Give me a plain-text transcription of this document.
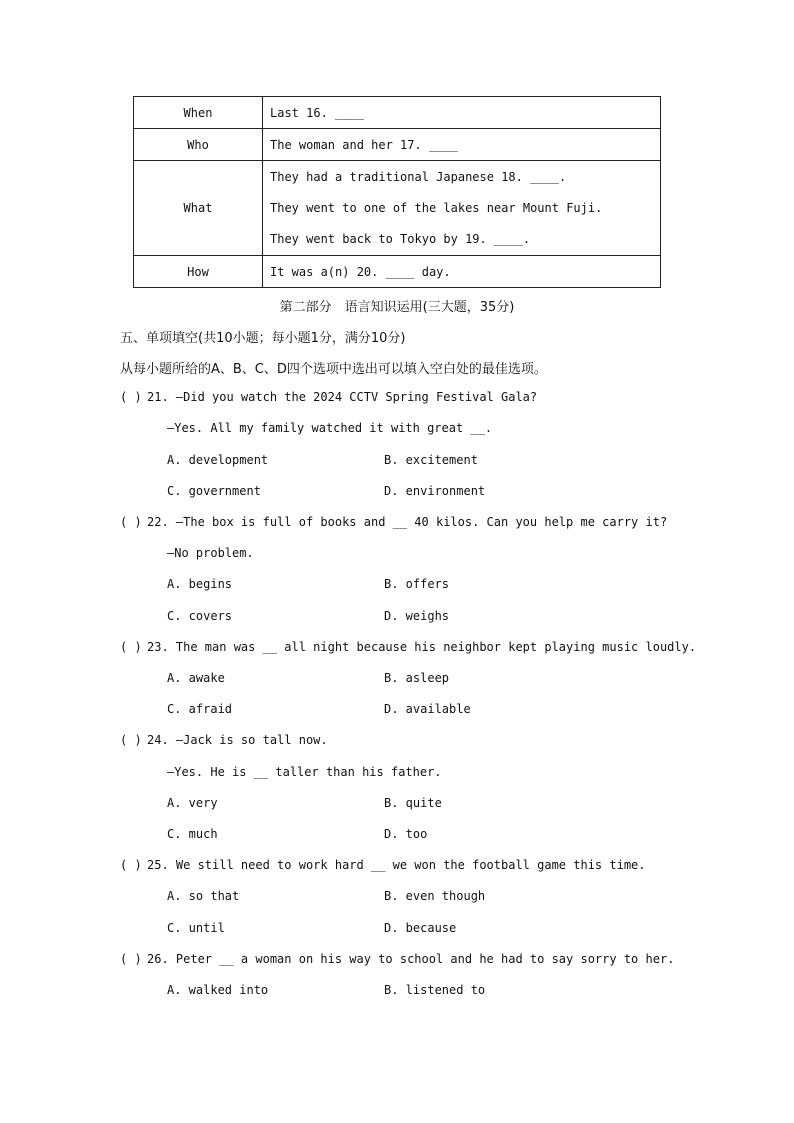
When	Last 16. ____
Who	The woman and her 17. ____
What	They had a traditional Japanese 18. ____.
They went to one of the lakes near Mount Fuji.
They went back to Tokyo by 19. ____.

How	It was a(n) 20. ____ day.
第二部分　语言知识运用(三大题，35分)
五、单项填空(共10小题；每小题1分，满分10分)
从每小题所给的A、B、C、D四个选项中选出可以填入空白处的最佳选项。
( ) 21. —Did you watch the 2024 CCTV Spring Festival Gala?
—Yes. All my family watched it with great __.
A. development	B. excitement
C. government	D. environment
( ) 22. —The box is full of books and __ 40 kilos. Can you help me carry it?
—No problem.
A. begins	B. offers
C. covers	D. weighs
( ) 23. The man was __ all night because his neighbor kept playing music loudly.
A. awake	B. asleep
C. afraid	D. available
( ) 24. —Jack is so tall now.
—Yes. He is __ taller than his father.
A. very	B. quite
C. much	D. too
( ) 25. We still need to work hard __ we won the football game this time.
A. so that	B. even though
C. until	D. because
( ) 26. Peter __ a woman on his way to school and he had to say sorry to her.
A. walked into	B. listened to
